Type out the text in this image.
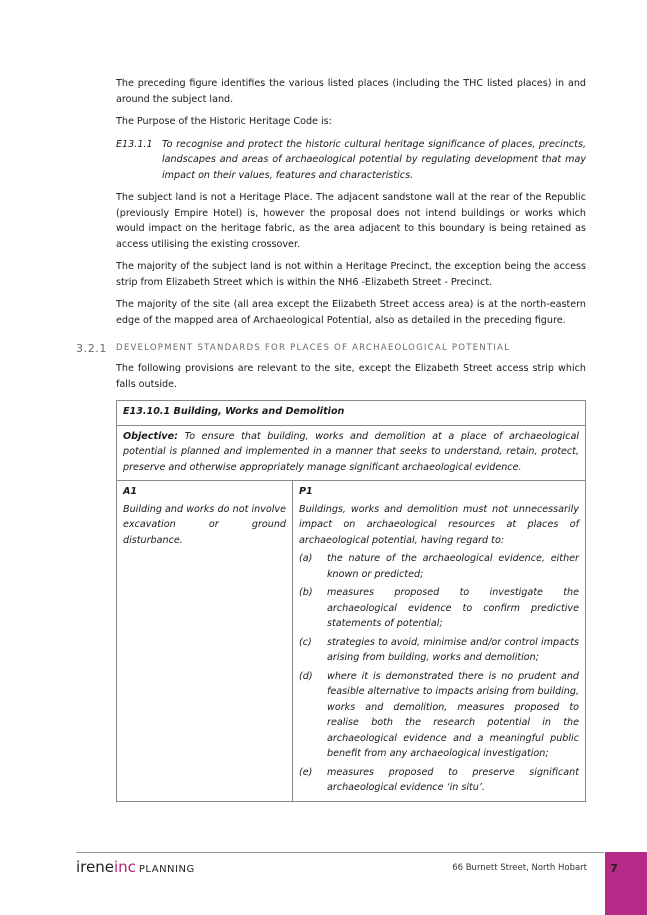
The preceding figure identifies the various listed places (including the THC listed places) in and around the subject land.

The Purpose of the Historic Heritage Code is:

E13.1.1 To recognise and protect the historic cultural heritage significance of places, precincts, landscapes and areas of archaeological potential by regulating development that may impact on their values, features and characteristics.

The subject land is not a Heritage Place. The adjacent sandstone wall at the rear of the Republic (previously Empire Hotel) is, however the proposal does not intend buildings or works which would impact on the heritage fabric, as the area adjacent to this boundary is being retained as access utilising the existing crossover.

The majority of the subject land is not within a Heritage Precinct, the exception being the access strip from Elizabeth Street which is within the NH6 -Elizabeth Street - Precinct.

The majority of the site (all area except the Elizabeth Street access area) is at the north-eastern edge of the mapped area of Archaeological Potential, also as detailed in the preceding figure.

3.2.1 DEVELOPMENT STANDARDS FOR PLACES OF ARCHAEOLOGICAL POTENTIAL

The following provisions are relevant to the site, except the Elizabeth Street access strip which falls outside.

E13.10.1 Building, Works and Demolition
Objective: To ensure that building, works and demolition at a place of archaeological potential is planned and implemented in a manner that seeks to understand, retain, protect, preserve and otherwise appropriately manage significant archaeological evidence.

A1
Building and works do not involve excavation or ground disturbance.

P1
Buildings, works and demolition must not unnecessarily impact on archaeological resources at places of archaeological potential, having regard to:
(a)	the nature of the archaeological evidence, either known or predicted;
(b)	measures proposed to investigate the archaeological evidence to confirm predictive statements of potential;
(c)	strategies to avoid, minimise and/or control impacts arising from building, works and demolition;
(d)	where it is demonstrated there is no prudent and feasible alternative to impacts arising from building, works and demolition, measures proposed to realise both the research potential in the archaeological evidence and a meaningful public benefit from any archaeological investigation;
(e)	measures proposed to preserve significant archaeological evidence ‘in situ’.
ireneinc PLANNING	66 Burnett Street, North Hobart	7
